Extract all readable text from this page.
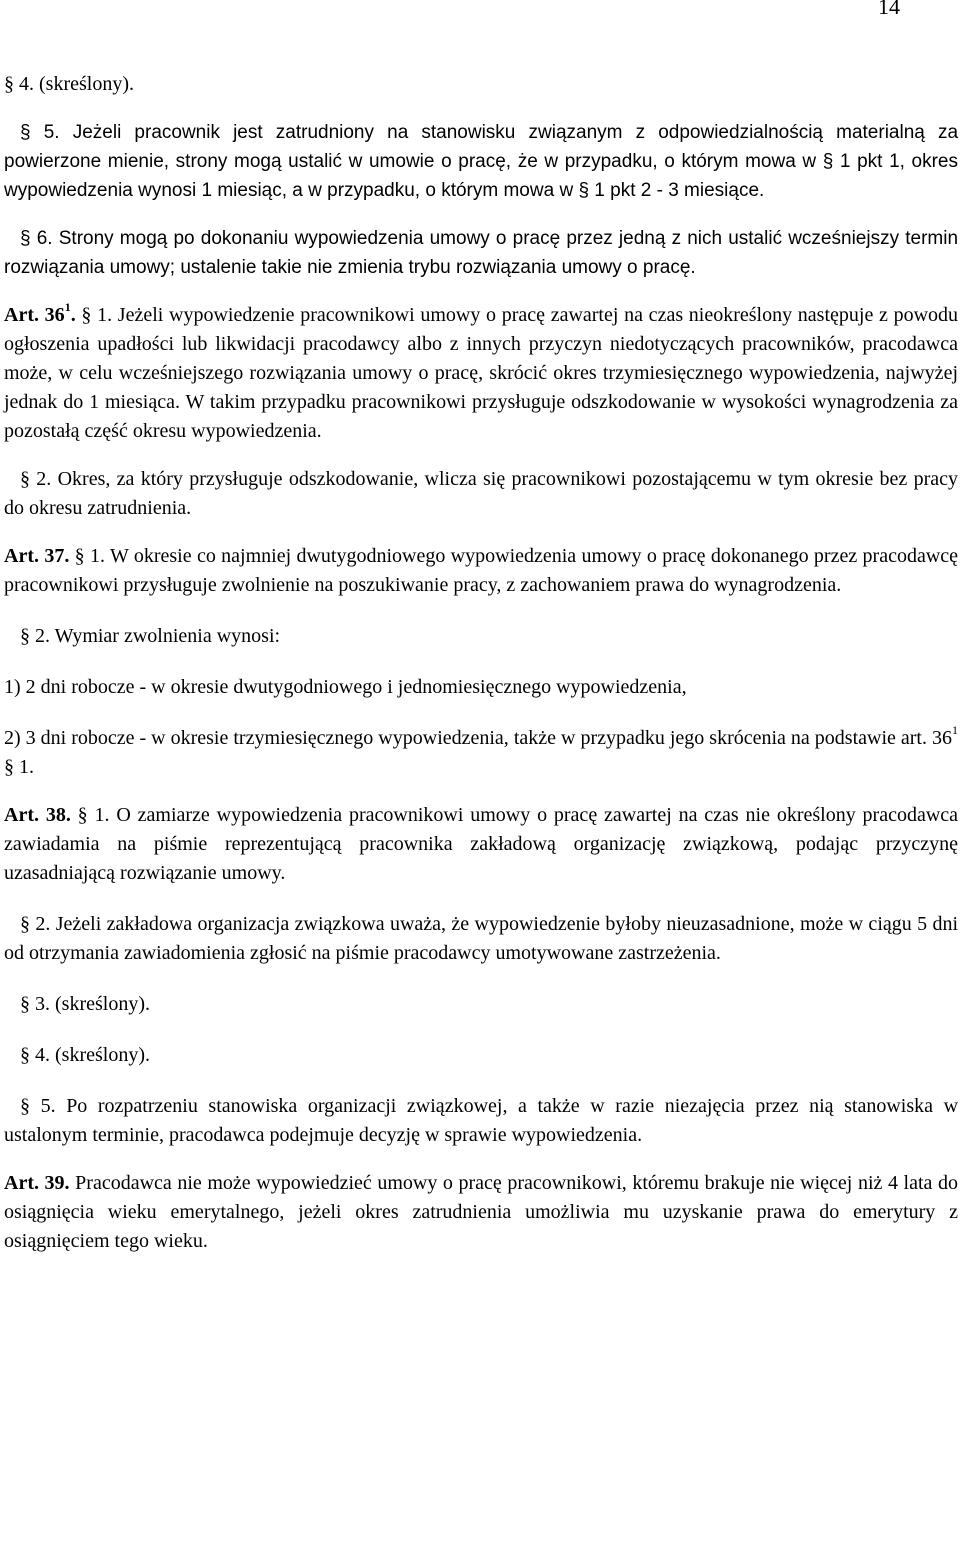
14

§ 4. (skreślony).

§ 5. Jeżeli pracownik jest zatrudniony na stanowisku związanym z odpowiedzialnością materialną za powierzone mienie, strony mogą ustalić w umowie o pracę, że w przypadku, o którym mowa w § 1 pkt 1, okres wypowiedzenia wynosi 1 miesiąc, a w przypadku, o którym mowa w § 1 pkt 2 - 3 miesiące.

§ 6. Strony mogą po dokonaniu wypowiedzenia umowy o pracę przez jedną z nich ustalić wcześniejszy termin rozwiązania umowy; ustalenie takie nie zmienia trybu rozwiązania umowy o pracę.

Art. $36^1$. § 1. Jeżeli wypowiedzenie pracownikowi umowy o pracę zawartej na czas nieokreślony następuje z powodu ogłoszenia upadłości lub likwidacji pracodawcy albo z innych przyczyn niedotyczących pracowników, pracodawca może, w celu wcześniejszego rozwiązania umowy o pracę, skrócić okres trzymiesięcznego wypowiedzenia, najwyżej jednak do 1 miesiąca. W takim przypadku pracownikowi przysługuje odszkodowanie w wysokości wynagrodzenia za pozostałą część okresu wypowiedzenia.

§ 2. Okres, za który przysługuje odszkodowanie, wlicza się pracownikowi pozostającemu w tym okresie bez pracy do okresu zatrudnienia.

Art. 37. § 1. W okresie co najmniej dwutygodniowego wypowiedzenia umowy o pracę dokonanego przez pracodawcę pracownikowi przysługuje zwolnienie na poszukiwanie pracy, z zachowaniem prawa do wynagrodzenia.

§ 2. Wymiar zwolnienia wynosi:

1) 2 dni robocze - w okresie dwutygodniowego i jednomiesięcznego wypowiedzenia,

2) 3 dni robocze - w okresie trzymiesięcznego wypowiedzenia, także w przypadku jego skrócenia na podstawie art. $36^1$ § 1.

Art. 38. § 1. O zamiarze wypowiedzenia pracownikowi umowy o pracę zawartej na czas nie określony pracodawca zawiadamia na piśmie reprezentującą pracownika zakładową organizację związkową, podając przyczynę uzasadniającą rozwiązanie umowy.

§ 2. Jeżeli zakładowa organizacja związkowa uważa, że wypowiedzenie byłoby nieuzasadnione, może w ciągu 5 dni od otrzymania zawiadomienia zgłosić na piśmie pracodawcy umotywowane zastrzeżenia.

§ 3. (skreślony).

§ 4. (skreślony).

§ 5. Po rozpatrzeniu stanowiska organizacji związkowej, a także w razie niezajęcia przez nią stanowiska w ustalonym terminie, pracodawca podejmuje decyzję w sprawie wypowiedzenia.

Art. 39. Pracodawca nie może wypowiedzieć umowy o pracę pracownikowi, któremu brakuje nie więcej niż 4 lata do osiągnięcia wieku emerytalnego, jeżeli okres zatrudnienia umożliwia mu uzyskanie prawa do emerytury z osiągnięciem tego wieku.
